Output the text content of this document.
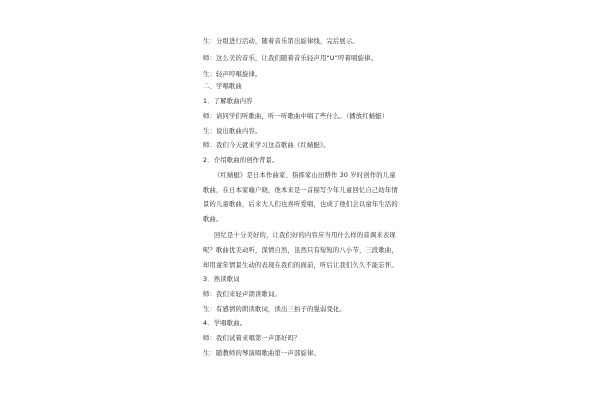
生：分组进行活动，随着音乐第出旋律线，完后展示。
师：这么美的音乐，让我们随着音乐轻声用“U”哼着唱旋律。
生：轻声哼唱旋律。
二、学唱歌曲
1．了解歌曲内容
师：请同学们听歌曲，听一听歌曲中唱了些什么。（播放红蜻蜓）
生：说出歌曲内容。
师：我们今天就来学习这首歌曲《红蜻蜓》。
2．介绍歌曲的创作背景。
《红蜻蜓》是日本作曲家、指挥家山田耕作 30 岁时创作的儿童
歌曲，在日本家喻户晓，他本来是一首描写少年儿童回忆自己幼年情
景的儿童歌曲，后来大人们也喜听爱唱，也成了他们会以童年生活的
歌曲。
回忆是十分美好的，让我们好的内容应当用什么样的音调来表现
呢？歌曲优美动听，深情自然，虽然只有短短的八小节、三段歌曲，
却用童年情景生动的表现在我们的面前，听后让我们久久不能忘怀。
3．熟读歌词
师：我们来轻声朗读歌词。
生：有感情的朗读歌词，读出三拍子的强弱变化。
4．学唱歌曲。
师：我们试着来唱第一声部好吗？
生：随教师的琴演唱歌曲第一声部旋律。
